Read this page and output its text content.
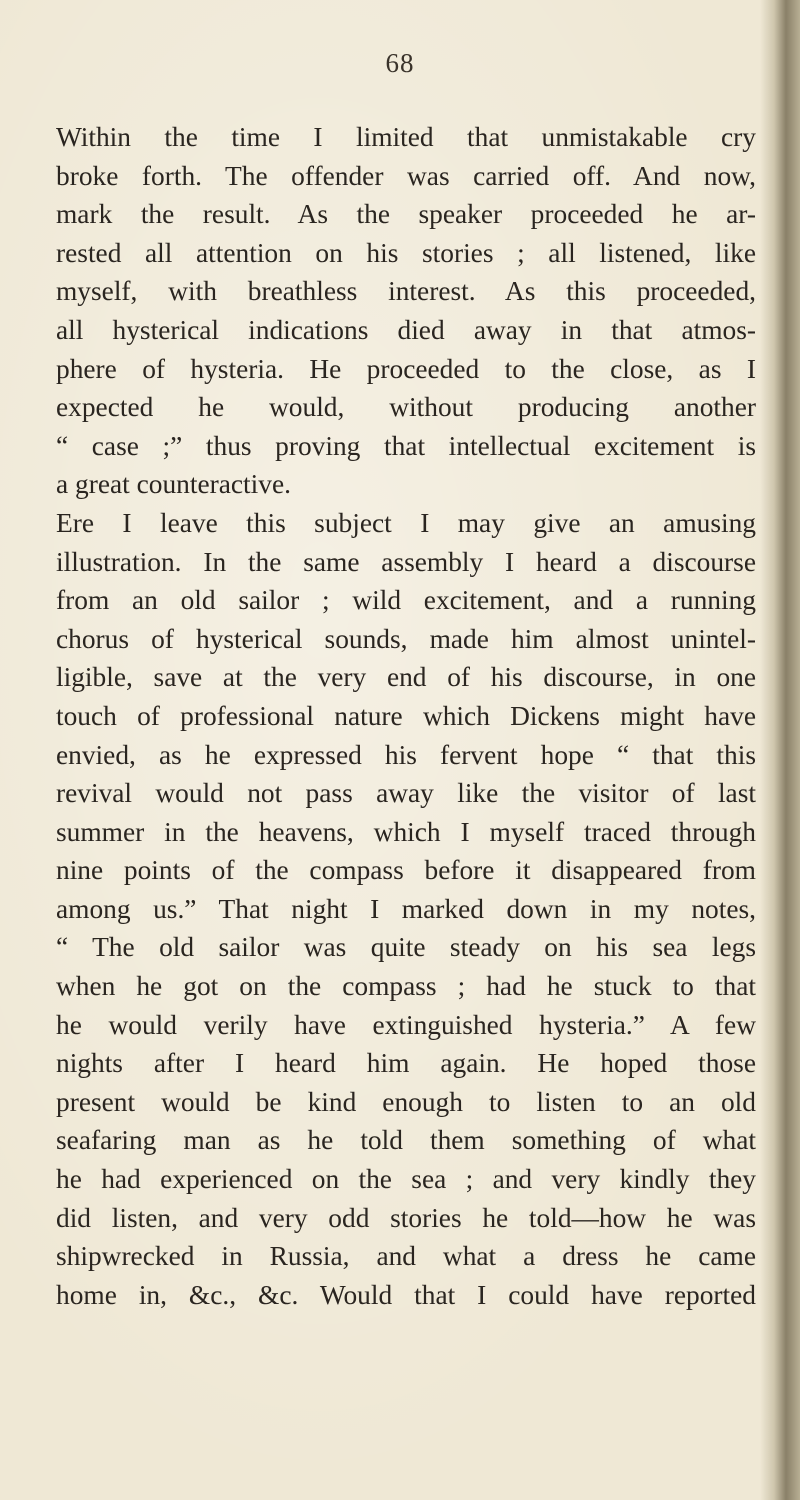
68
Within the time I limited that unmistakable cry
broke forth. The offender was carried off. And now,
mark the result. As the speaker proceeded he ar-
rested all attention on his stories ; all listened, like
myself, with breathless interest. As this proceeded,
all hysterical indications died away in that atmos-
phere of hysteria. He proceeded to the close, as I
expected he would, without producing another
“ case ;” thus proving that intellectual excitement is
a great counteractive.
Ere I leave this subject I may give an amusing
illustration. In the same assembly I heard a discourse
from an old sailor ; wild excitement, and a running
chorus of hysterical sounds, made him almost unintel-
ligible, save at the very end of his discourse, in one
touch of professional nature which Dickens might have
envied, as he expressed his fervent hope “ that this
revival would not pass away like the visitor of last
summer in the heavens, which I myself traced through
nine points of the compass before it disappeared from
among us.” That night I marked down in my notes,
“ The old sailor was quite steady on his sea legs
when he got on the compass ; had he stuck to that
he would verily have extinguished hysteria.” A few
nights after I heard him again. He hoped those
present would be kind enough to listen to an old
seafaring man as he told them something of what
he had experienced on the sea ; and very kindly they
did listen, and very odd stories he told—how he was
shipwrecked in Russia, and what a dress he came
home in, &c., &c. Would that I could have reported
